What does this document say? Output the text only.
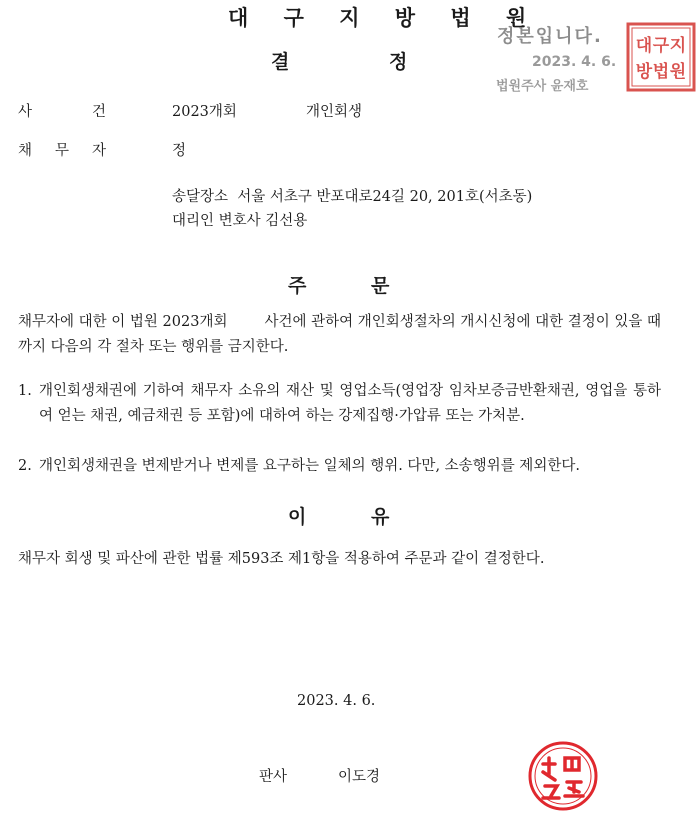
대 구 지 방 법 원
결	정
정본입니다.
2023. 4. 6.
법원주사 윤재호
대 구 지
방 법 원
사	건	2023개회	개인회생
채 무 자	정
송달장소  서울 서초구 반포대로24길 20, 201호(서초동)
대리인 변호사 김선용
주	문
채무자에 대한 이 법원 2023개회        사건에 관하여 개인회생절차의 개시신청에 대한 결정이 있을 때까지 다음의 각 절차 또는 행위를 금지한다.
1. 개인회생채권에 기하여 채무자 소유의 재산 및 영업소득(영업장 임차보증금반환채권, 영업을 통하여 얻는 채권, 예금채권 등 포함)에 대하여 하는 강제집행·가압류 또는 가처분.
2. 개인회생채권을 변제받거나 변제를 요구하는 일체의 행위. 다만, 소송행위를 제외한다.
이	유
채무자 회생 및 파산에 관한 법률 제593조 제1항을 적용하여 주문과 같이 결정한다.
2023. 4. 6.
판사	이도경
